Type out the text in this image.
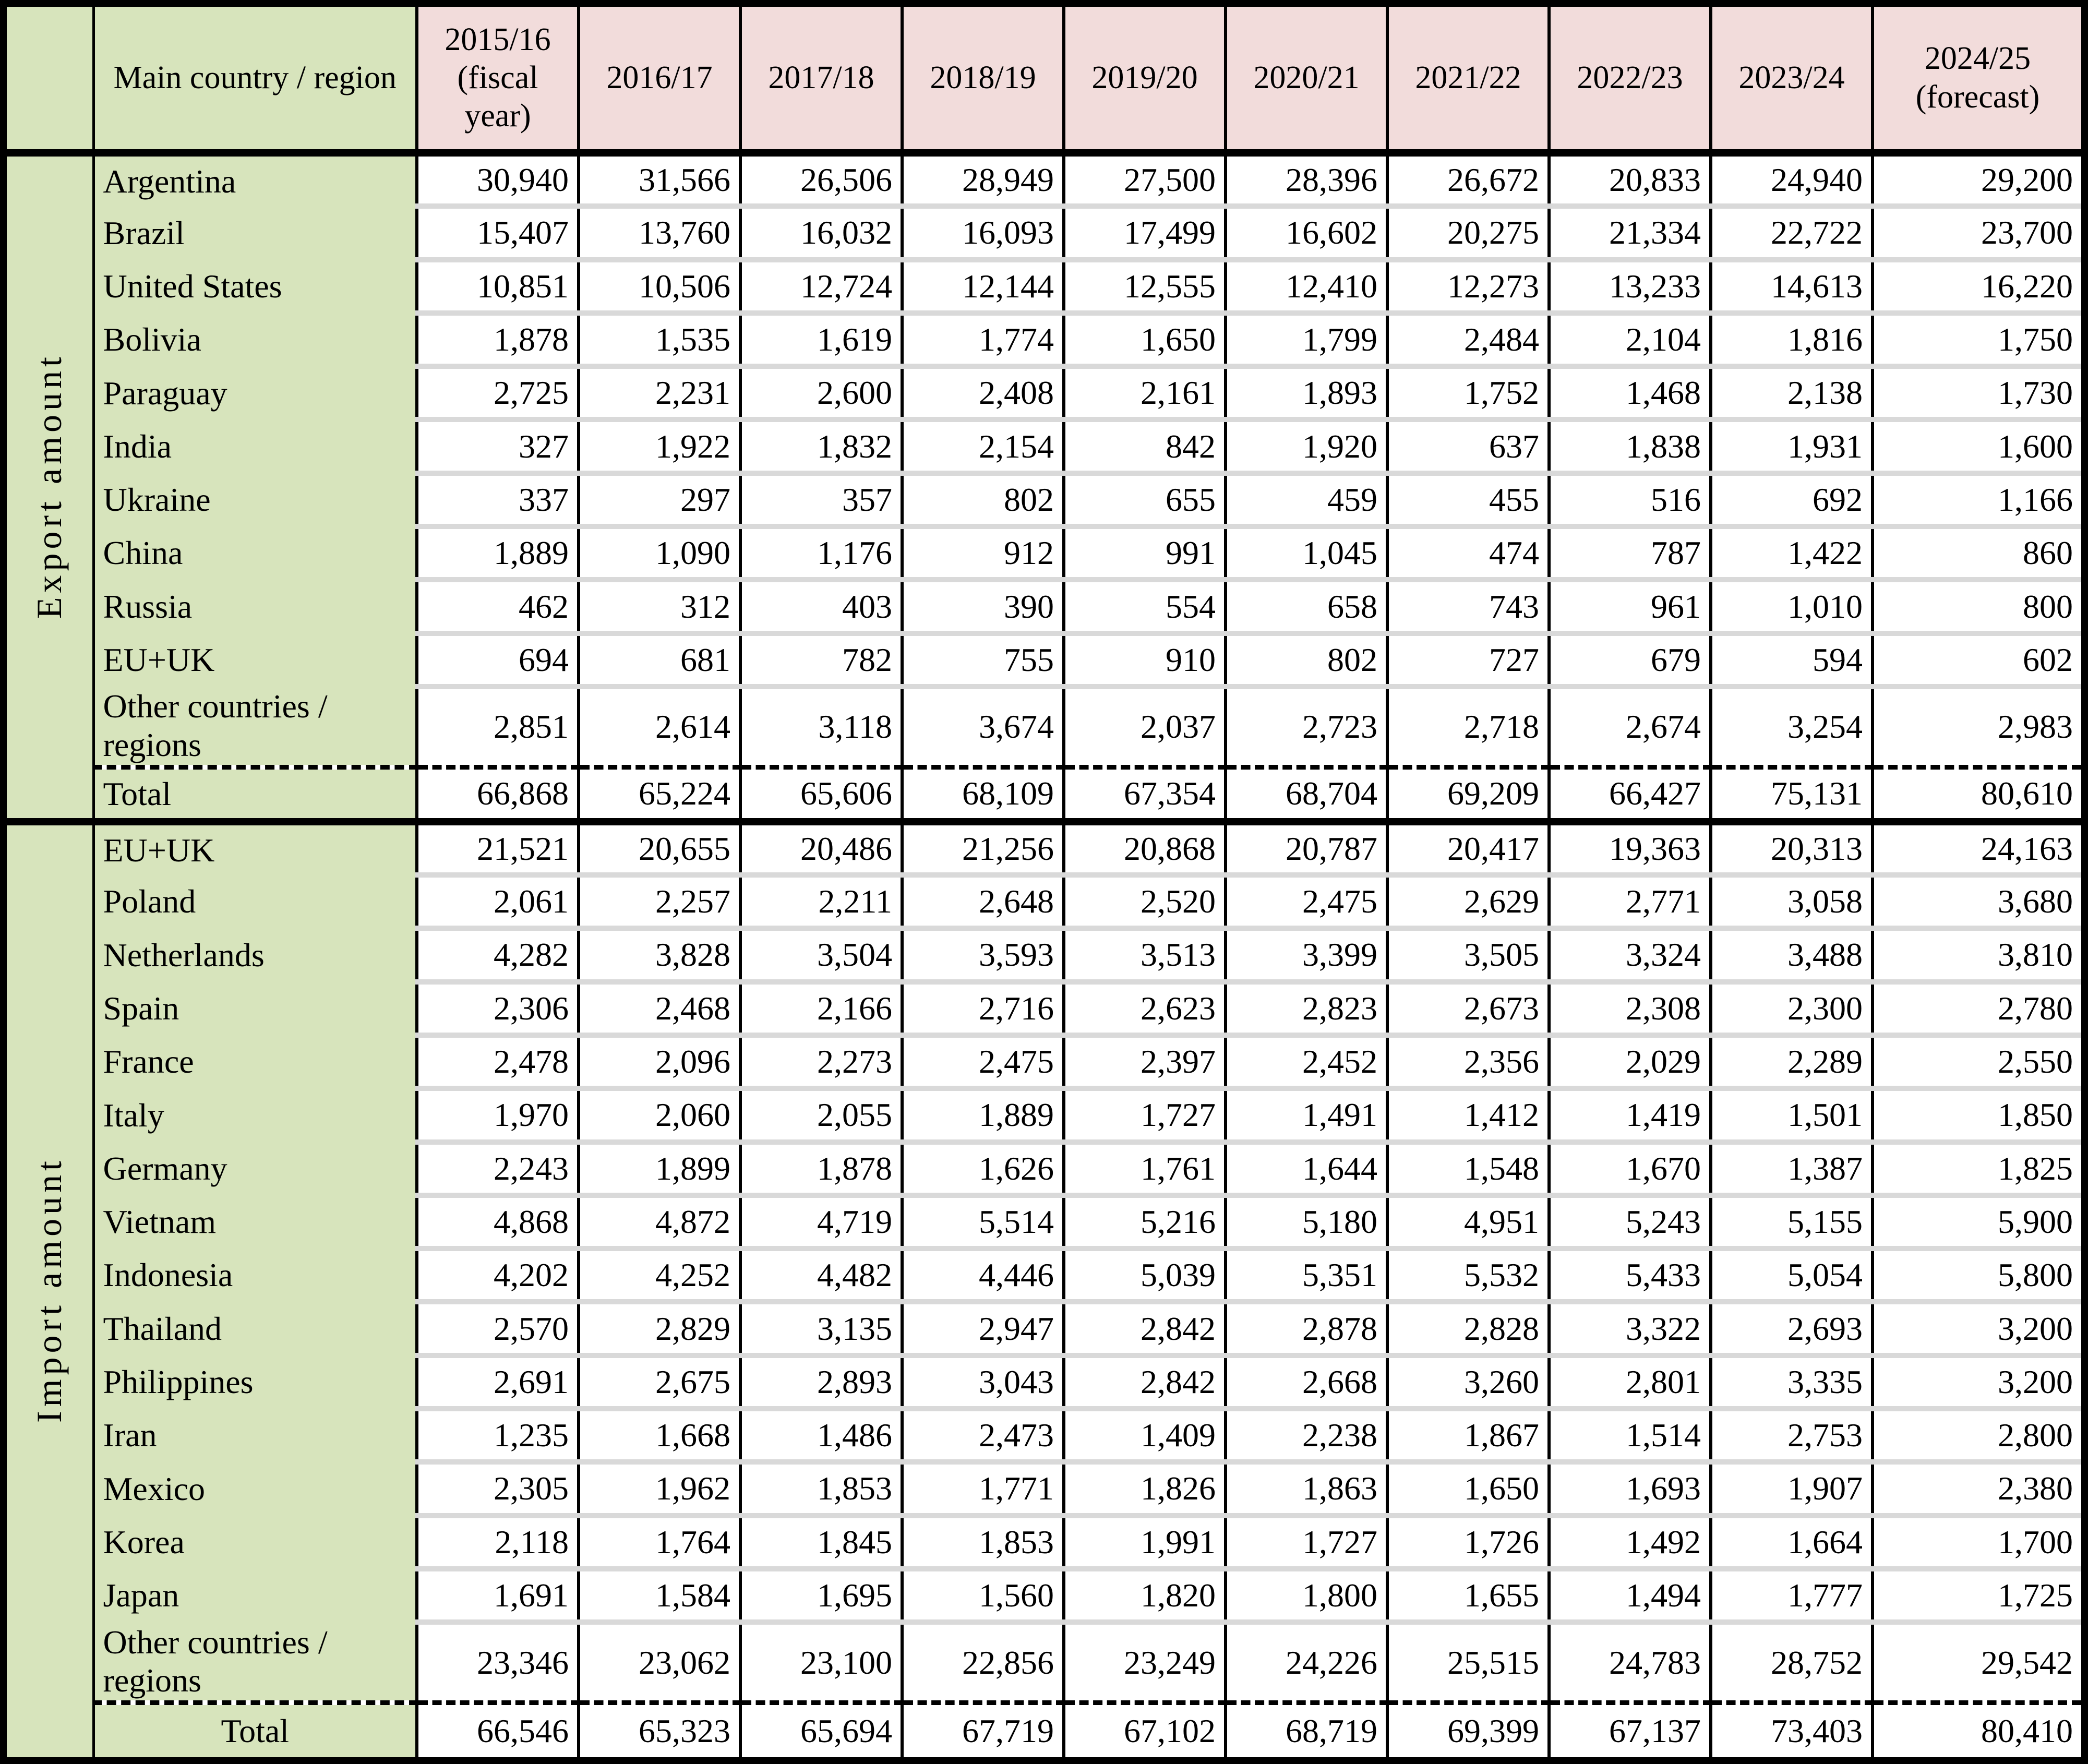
	Main country / region	2015/16 (fiscal year)	2016/17	2017/18	2018/19	2019/20	2020/21	2021/22	2022/23	2023/24	2024/25 (forecast)
Export amount	Argentina	30,940	31,566	26,506	28,949	27,500	28,396	26,672	20,833	24,940	29,200
	Brazil	15,407	13,760	16,032	16,093	17,499	16,602	20,275	21,334	22,722	23,700
	United States	10,851	10,506	12,724	12,144	12,555	12,410	12,273	13,233	14,613	16,220
	Bolivia	1,878	1,535	1,619	1,774	1,650	1,799	2,484	2,104	1,816	1,750
	Paraguay	2,725	2,231	2,600	2,408	2,161	1,893	1,752	1,468	2,138	1,730
	India	327	1,922	1,832	2,154	842	1,920	637	1,838	1,931	1,600
	Ukraine	337	297	357	802	655	459	455	516	692	1,166
	China	1,889	1,090	1,176	912	991	1,045	474	787	1,422	860
	Russia	462	312	403	390	554	658	743	961	1,010	800
	EU+UK	694	681	782	755	910	802	727	679	594	602
	Other countries / regions	2,851	2,614	3,118	3,674	2,037	2,723	2,718	2,674	3,254	2,983
	Total	66,868	65,224	65,606	68,109	67,354	68,704	69,209	66,427	75,131	80,610
Import amount	EU+UK	21,521	20,655	20,486	21,256	20,868	20,787	20,417	19,363	20,313	24,163
	Poland	2,061	2,257	2,211	2,648	2,520	2,475	2,629	2,771	3,058	3,680
	Netherlands	4,282	3,828	3,504	3,593	3,513	3,399	3,505	3,324	3,488	3,810
	Spain	2,306	2,468	2,166	2,716	2,623	2,823	2,673	2,308	2,300	2,780
	France	2,478	2,096	2,273	2,475	2,397	2,452	2,356	2,029	2,289	2,550
	Italy	1,970	2,060	2,055	1,889	1,727	1,491	1,412	1,419	1,501	1,850
	Germany	2,243	1,899	1,878	1,626	1,761	1,644	1,548	1,670	1,387	1,825
	Vietnam	4,868	4,872	4,719	5,514	5,216	5,180	4,951	5,243	5,155	5,900
	Indonesia	4,202	4,252	4,482	4,446	5,039	5,351	5,532	5,433	5,054	5,800
	Thailand	2,570	2,829	3,135	2,947	2,842	2,878	2,828	3,322	2,693	3,200
	Philippines	2,691	2,675	2,893	3,043	2,842	2,668	3,260	2,801	3,335	3,200
	Iran	1,235	1,668	1,486	2,473	1,409	2,238	1,867	1,514	2,753	2,800
	Mexico	2,305	1,962	1,853	1,771	1,826	1,863	1,650	1,693	1,907	2,380
	Korea	2,118	1,764	1,845	1,853	1,991	1,727	1,726	1,492	1,664	1,700
	Japan	1,691	1,584	1,695	1,560	1,820	1,800	1,655	1,494	1,777	1,725
	Other countries / regions	23,346	23,062	23,100	22,856	23,249	24,226	25,515	24,783	28,752	29,542
	Total	66,546	65,323	65,694	67,719	67,102	68,719	69,399	67,137	73,403	80,410
